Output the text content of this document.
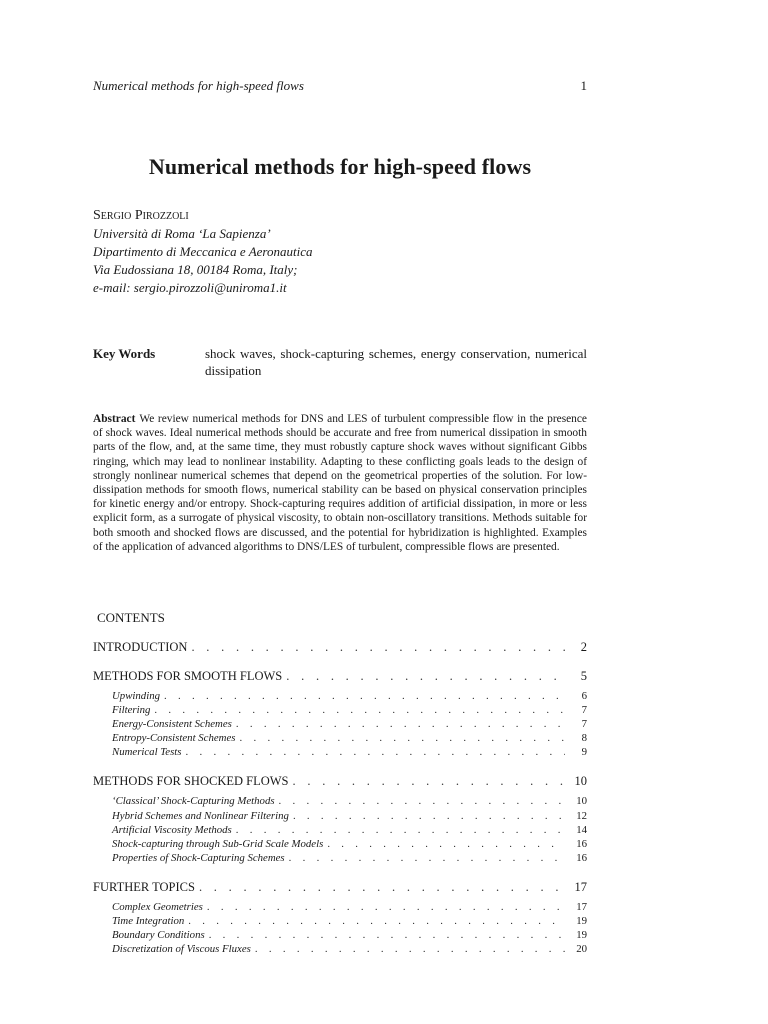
Numerical methods for high-speed flows	1
Numerical methods for high-speed flows
Sergio Pirozzoli
Università di Roma ‘La Sapienza’
Dipartimento di Meccanica e Aeronautica
Via Eudossiana 18, 00184 Roma, Italy;
e-mail: sergio.pirozzoli@uniroma1.it
Key Words	shock waves, shock-capturing schemes, energy conservation, numerical dissipation
Abstract We review numerical methods for DNS and LES of turbulent compressible flow in the presence of shock waves. Ideal numerical methods should be accurate and free from numerical dissipation in smooth parts of the flow, and, at the same time, they must robustly capture shock waves without significant Gibbs ringing, which may lead to nonlinear instability. Adapting to these conflicting goals leads to the design of strongly nonlinear numerical schemes that depend on the geometrical properties of the solution. For low-dissipation methods for smooth flows, numerical stability can be based on physical conservation principles for kinetic energy and/or entropy. Shock-capturing requires addition of artificial dissipation, in more or less explicit form, as a surrogate of physical viscosity, to obtain non-oscillatory transitions. Methods suitable for both smooth and shocked flows are discussed, and the potential for hybridization is highlighted. Examples of the application of advanced algorithms to DNS/LES of turbulent, compressible flows are presented.
CONTENTS
INTRODUCTION . . .	2
METHODS FOR SMOOTH FLOWS . . .	5
Upwinding . . .	6
Filtering . . .	7
Energy-Consistent Schemes . . .	7
Entropy-Consistent Schemes . . .	8
Numerical Tests . . .	9
METHODS FOR SHOCKED FLOWS . . .	10
‘Classical’ Shock-Capturing Methods . . .	10
Hybrid Schemes and Nonlinear Filtering . . .	12
Artificial Viscosity Methods . . .	14
Shock-capturing through Sub-Grid Scale Models . . .	16
Properties of Shock-Capturing Schemes . . .	16
FURTHER TOPICS . . .	17
Complex Geometries . . .	17
Time Integration . . .	19
Boundary Conditions . . .	19
Discretization of Viscous Fluxes . . .	20
